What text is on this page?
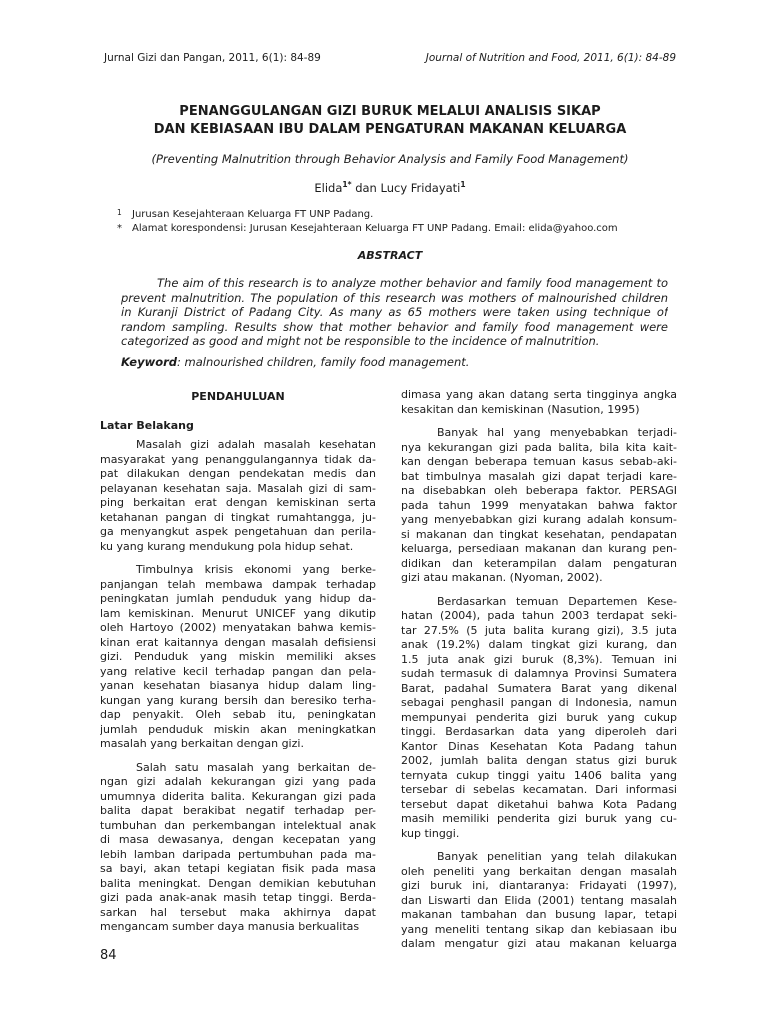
Jurnal Gizi dan Pangan, 2011, 6(1): 84-89	Journal of Nutrition and Food, 2011, 6(1): 84-89
PENANGGULANGAN GIZI BURUK MELALUI ANALISIS SIKAP
DAN KEBIASAAN IBU DALAM PENGATURAN MAKANAN KELUARGA
(Preventing Malnutrition through Behavior Analysis and Family Food Management)
Elida$^{1*}$ dan Lucy Fridayati$^1$
1 Jurusan Kesejahteraan Keluarga FT UNP Padang.
* Alamat korespondensi: Jurusan Kesejahteraan Keluarga FT UNP Padang. Email: elida@yahoo.com
ABSTRACT
The aim of this research is to analyze mother behavior and family food management to
prevent malnutrition. The population of this research was mothers of malnourished children
in Kuranji District of Padang City. As many as 65 mothers were taken using technique of
random sampling. Results show that mother behavior and family food management were
categorized as good and might not be responsible to the incidence of malnutrition.
Keyword: malnourished children, family food management.
PENDAHULUAN
Latar Belakang
Masalah gizi adalah masalah kesehatan
masyarakat yang penanggulangannya tidak da-
pat dilakukan dengan pendekatan medis dan
pelayanan kesehatan saja. Masalah gizi di sam-
ping berkaitan erat dengan kemiskinan serta
ketahanan pangan di tingkat rumahtangga, ju-
ga menyangkut aspek pengetahuan dan perila-
ku yang kurang mendukung pola hidup sehat.
Timbulnya krisis ekonomi yang berke-
panjangan telah membawa dampak terhadap
peningkatan jumlah penduduk yang hidup da-
lam kemiskinan. Menurut UNICEF yang dikutip
oleh Hartoyo (2002) menyatakan bahwa kemis-
kinan erat kaitannya dengan masalah defisiensi
gizi. Penduduk yang miskin memiliki akses
yang relative kecil terhadap pangan dan pela-
yanan kesehatan biasanya hidup dalam ling-
kungan yang kurang bersih dan beresiko terha-
dap penyakit. Oleh sebab itu, peningkatan
jumlah penduduk miskin akan meningkatkan
masalah yang berkaitan dengan gizi.
Salah satu masalah yang berkaitan de-
ngan gizi adalah kekurangan gizi yang pada
umumnya diderita balita. Kekurangan gizi pada
balita dapat berakibat negatif terhadap per-
tumbuhan dan perkembangan intelektual anak
di masa dewasanya, dengan kecepatan yang
lebih lamban daripada pertumbuhan pada ma-
sa bayi, akan tetapi kegiatan fisik pada masa
balita meningkat. Dengan demikian kebutuhan
gizi pada anak-anak masih tetap tinggi. Berda-
sarkan hal tersebut maka akhirnya dapat
mengancam sumber daya manusia berkualitas
dimasa yang akan datang serta tingginya angka
kesakitan dan kemiskinan (Nasution, 1995)
Banyak hal yang menyebabkan terjadi-
nya kekurangan gizi pada balita, bila kita kait-
kan dengan beberapa temuan kasus sebab-aki-
bat timbulnya masalah gizi dapat terjadi kare-
na disebabkan oleh beberapa faktor. PERSAGI
pada tahun 1999 menyatakan bahwa faktor
yang menyebabkan gizi kurang adalah konsum-
si makanan dan tingkat kesehatan, pendapatan
keluarga, persediaan makanan dan kurang pen-
didikan dan keterampilan dalam pengaturan
gizi atau makanan. (Nyoman, 2002).
Berdasarkan temuan Departemen Kese-
hatan (2004), pada tahun 2003 terdapat seki-
tar 27.5% (5 juta balita kurang gizi), 3.5 juta
anak (19.2%) dalam tingkat gizi kurang, dan
1.5 juta anak gizi buruk (8,3%). Temuan ini
sudah termasuk di dalamnya Provinsi Sumatera
Barat, padahal Sumatera Barat yang dikenal
sebagai penghasil pangan di Indonesia, namun
mempunyai penderita gizi buruk yang cukup
tinggi. Berdasarkan data yang diperoleh dari
Kantor Dinas Kesehatan Kota Padang tahun
2002, jumlah balita dengan status gizi buruk
ternyata cukup tinggi yaitu 1406 balita yang
tersebar di sebelas kecamatan. Dari informasi
tersebut dapat diketahui bahwa Kota Padang
masih memiliki penderita gizi buruk yang cu-
kup tinggi.
Banyak penelitian yang telah dilakukan
oleh peneliti yang berkaitan dengan masalah
gizi buruk ini, diantaranya: Fridayati (1997),
dan Liswarti dan Elida (2001) tentang masalah
makanan tambahan dan busung lapar, tetapi
yang meneliti tentang sikap dan kebiasaan ibu
dalam mengatur gizi atau makanan keluarga
84
